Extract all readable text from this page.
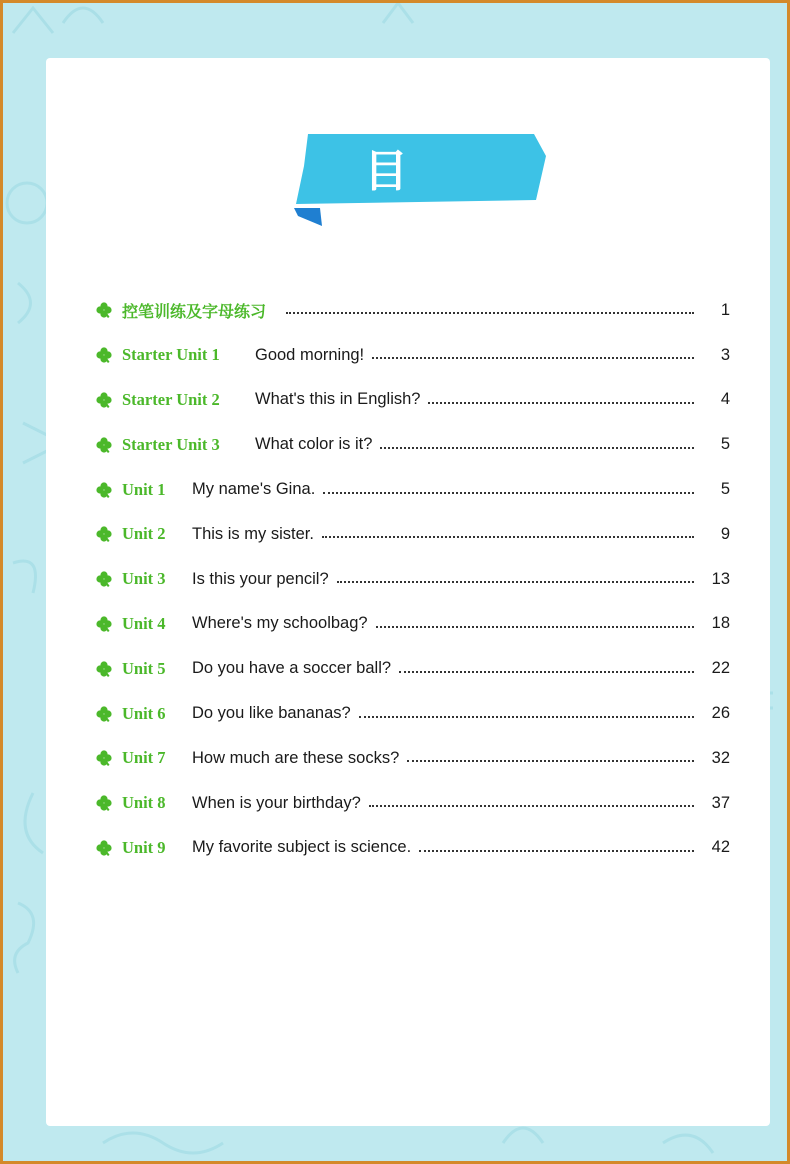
目录
控笔训练及字母练习	1
Starter Unit 1	Good morning!	3
Starter Unit 2	What's this in English?	4
Starter Unit 3	What color is it?	5
Unit 1	My name's Gina.	5
Unit 2	This is my sister.	9
Unit 3	Is this your pencil?	13
Unit 4	Where's my schoolbag?	18
Unit 5	Do you have a soccer ball?	22
Unit 6	Do you like bananas?	26
Unit 7	How much are these socks?	32
Unit 8	When is your birthday?	37
Unit 9	My favorite subject is science.	42
